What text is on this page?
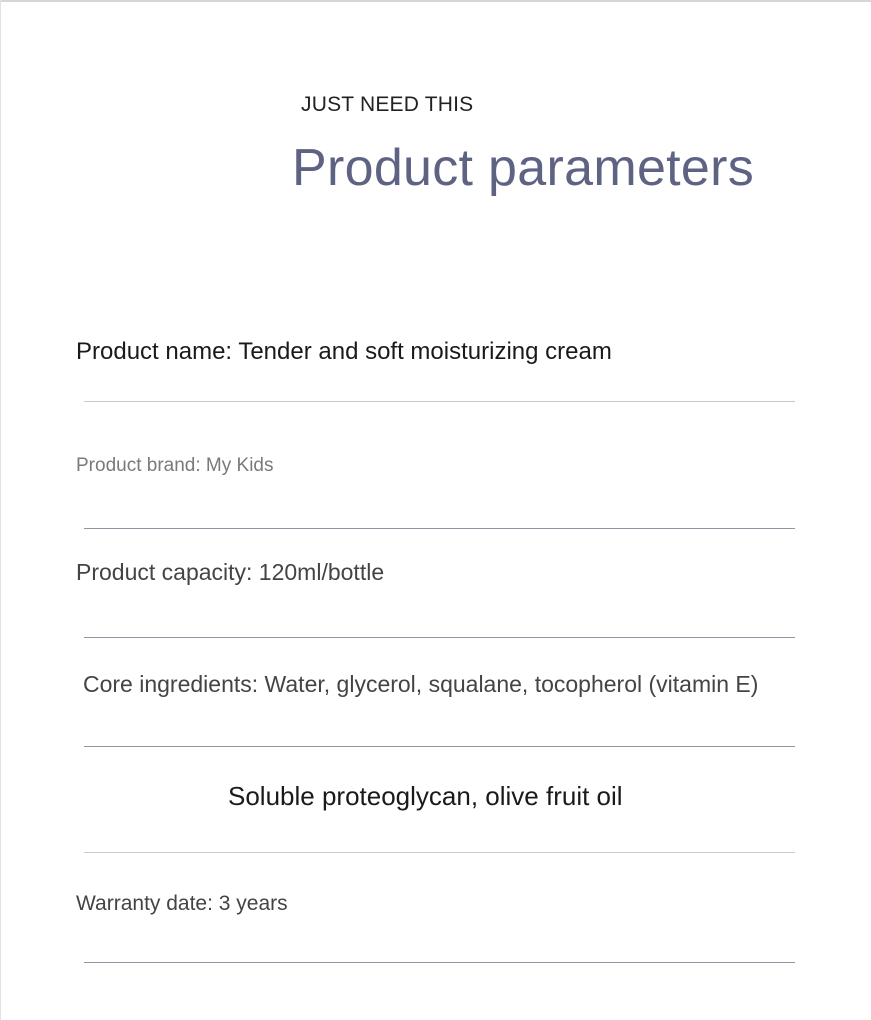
JUST NEED THIS
Product parameters
Product name: Tender and soft moisturizing cream
Product brand: My Kids
Product capacity: 120ml/bottle
Core ingredients: Water, glycerol, squalane, tocopherol (vitamin E)
Soluble proteoglycan, olive fruit oil
Warranty date: 3 years
